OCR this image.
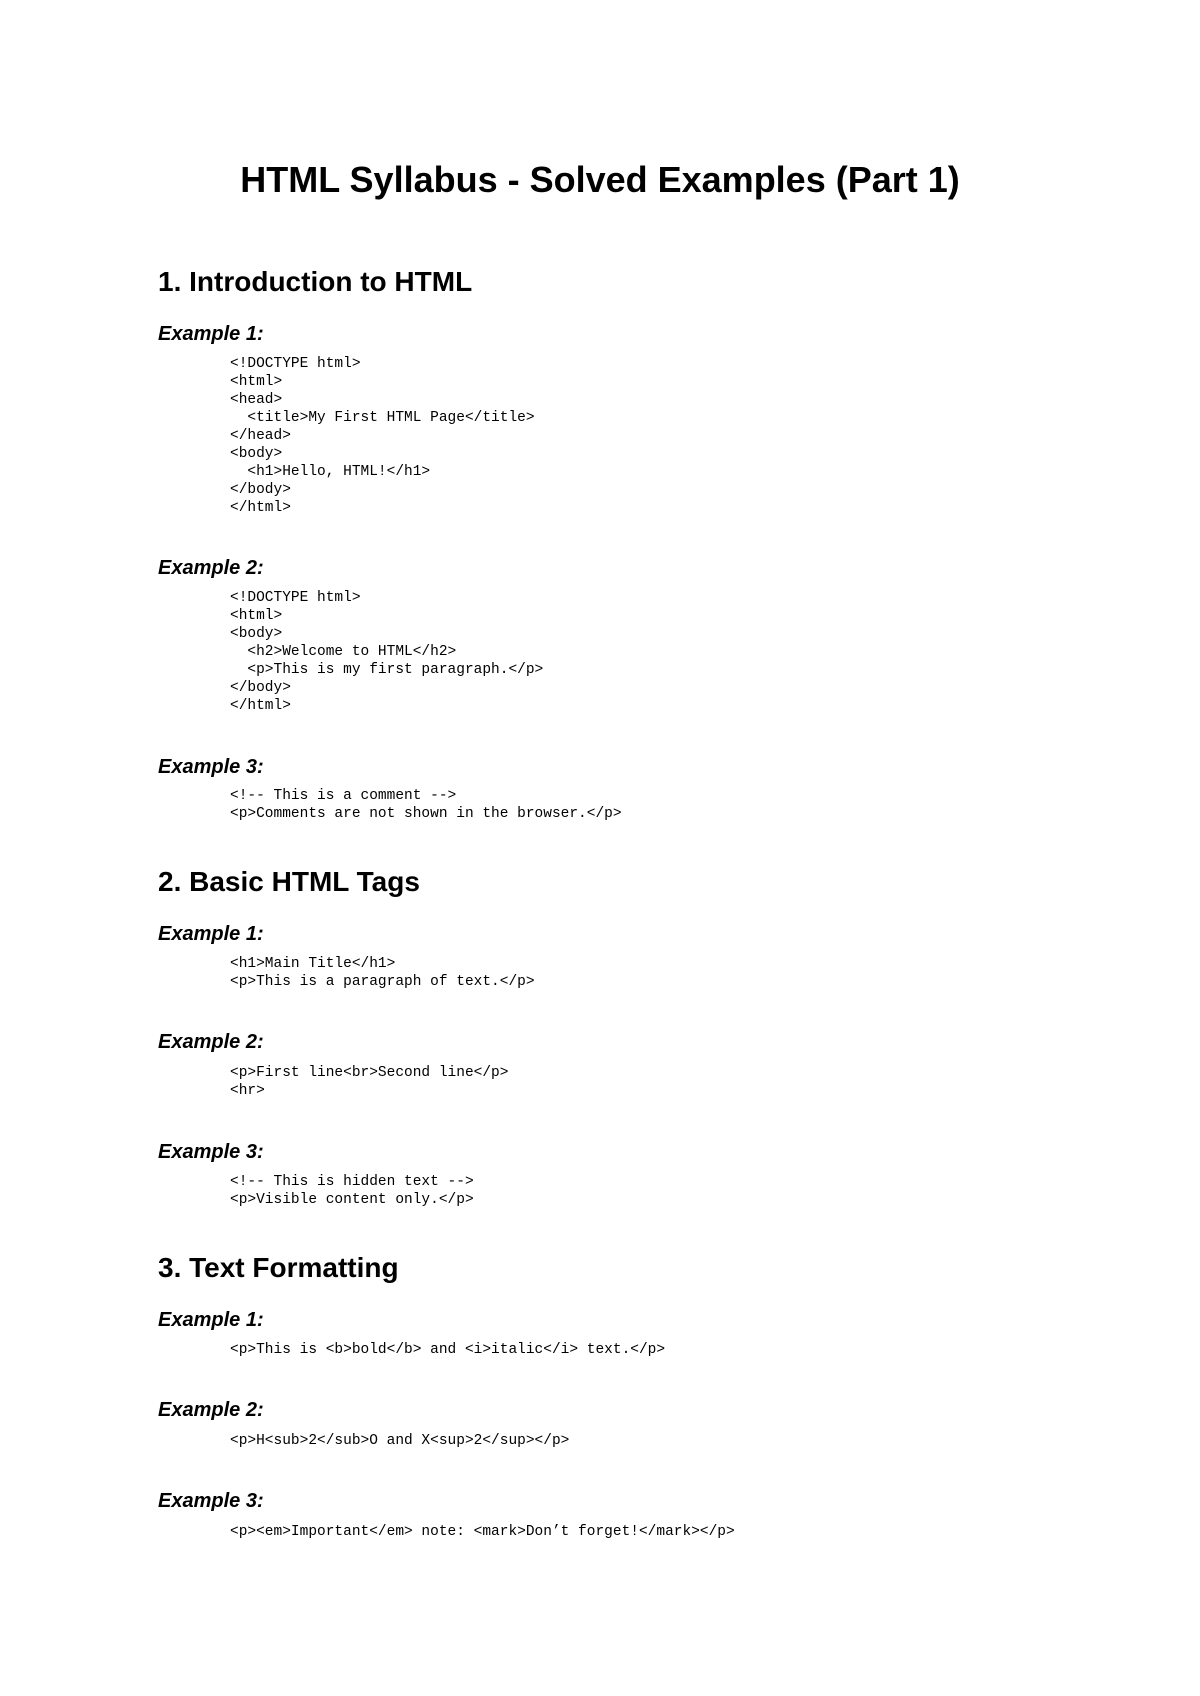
HTML Syllabus - Solved Examples (Part 1)
1. Introduction to HTML
Example 1:
<!DOCTYPE html>
<html>
<head>
<title>My First HTML Page</title>
</head>
<body>
<h1>Hello, HTML!</h1>
</body>
</html>
Example 2:
<!DOCTYPE html>
<html>
<body>
<h2>Welcome to HTML</h2>
<p>This is my first paragraph.</p>
</body>
</html>
Example 3:
<!-- This is a comment -->
<p>Comments are not shown in the browser.</p>
2. Basic HTML Tags
Example 1:
<h1>Main Title</h1>
<p>This is a paragraph of text.</p>
Example 2:
<p>First line<br>Second line</p>
<hr>
Example 3:
<!-- This is hidden text -->
<p>Visible content only.</p>
3. Text Formatting
Example 1:
<p>This is <b>bold</b> and <i>italic</i> text.</p>
Example 2:
<p>H<sub>2</sub>O and X<sup>2</sup></p>
Example 3:
<p><em>Important</em> note: <mark>Don’t forget!</mark></p>
